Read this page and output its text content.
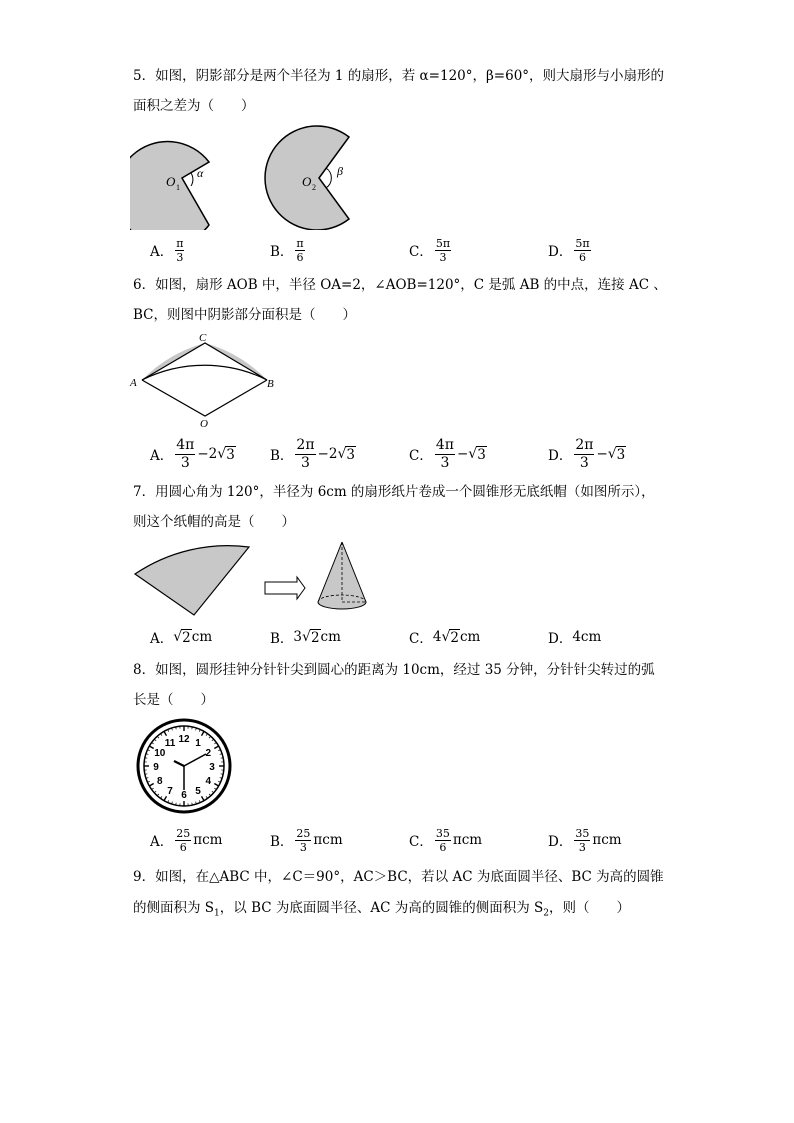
5．如图，阴影部分是两个半径为 1 的扇形，若 α=120°，β=60°，则大扇形与小扇形的
面积之差为（　　）
O 1
α
O 2
β
A． $\frac{\pi}{3}$	B． $\frac{\pi}{6}$	C． $\frac{5\pi}{3}$	D． $\frac{5\pi}{6}$
6．如图，扇形 AOB 中，半径 OA=2，∠AOB=120°，C 是弧 AB 的中点，连接 AC 、
BC，则图中阴影部分面积是（　　）
A	B
C
O
A． $\frac{4\pi}{3} - 2$ √ 3	B． $\frac{2\pi}{3} - 2$ √ 3	C． $\frac{4\pi}{3}$ − √ 3	D． $\frac{2\pi}{3}$ − √ 3
7．用圆心角为 120°，半径为 6cm 的扇形纸片卷成一个圆锥形无底纸帽（如图所示），
则这个纸帽的高是（　　）
A． √ 2 cm	B． 3 √ 2 cm	C． 4 √ 2 cm	D． 4cm
8．如图，圆形挂钟分针针尖到圆心的距离为 10cm，经过 35 分钟，分针针尖转过的弧
长是（　　）
12 1
2
3
4
5
6
7
8
9
10
11
A． $\frac{25}{6}$ πcm	B． $\frac{25}{3}$ πcm	C． $\frac{35}{6}$ πcm	D． $\frac{35}{3}$ πcm
9．如图，在△ABC 中，∠C＝90°，AC＞BC，若以 AC 为底面圆半径、BC 为高的圆锥
的侧面积为 $S_1$，以 BC 为底面圆半径、AC 为高的圆锥的侧面积为 $S_2$，则（　　）
